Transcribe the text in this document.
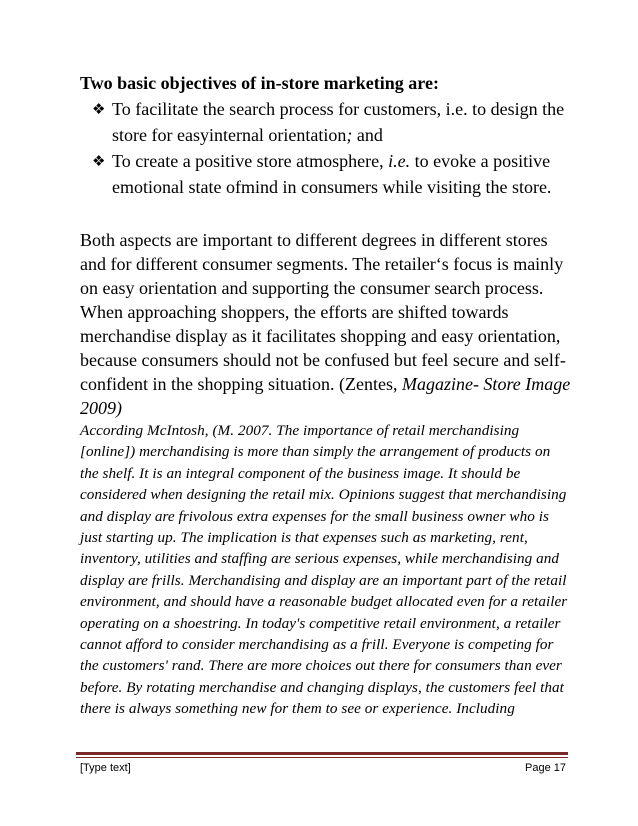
Two basic objectives of in-store marketing are:
❖ To facilitate the search process for customers, i.e. to design the store for easyinternal orientation; and
❖ To create a positive store atmosphere, i.e. to evoke a positive emotional state ofmind in consumers while visiting the store.

Both aspects are important to different degrees in different stores and for different consumer segments. The retailer‘s focus is mainly on easy orientation and supporting the consumer search process. When approaching shoppers, the efforts are shifted towards merchandise display as it facilitates shopping and easy orientation, because consumers should not be confused but feel secure and self-confident in the shopping situation. (Zentes, Magazine- Store Image 2009)

According McIntosh, (M. 2007. The importance of retail merchandising [online]) merchandising is more than simply the arrangement of products on the shelf. It is an integral component of the business image. It should be considered when designing the retail mix. Opinions suggest that merchandising and display are frivolous extra expenses for the small business owner who is just starting up. The implication is that expenses such as marketing, rent, inventory, utilities and staffing are serious expenses, while merchandising and display are frills. Merchandising and display are an important part of the retail environment, and should have a reasonable budget allocated even for a retailer operating on a shoestring. In today's competitive retail environment, a retailer cannot afford to consider merchandising as a frill. Everyone is competing for the customers' rand. There are more choices out there for consumers than ever before. By rotating merchandise and changing displays, the customers feel that there is always something new for them to see or experience. Including

[Type text]	Page 17
